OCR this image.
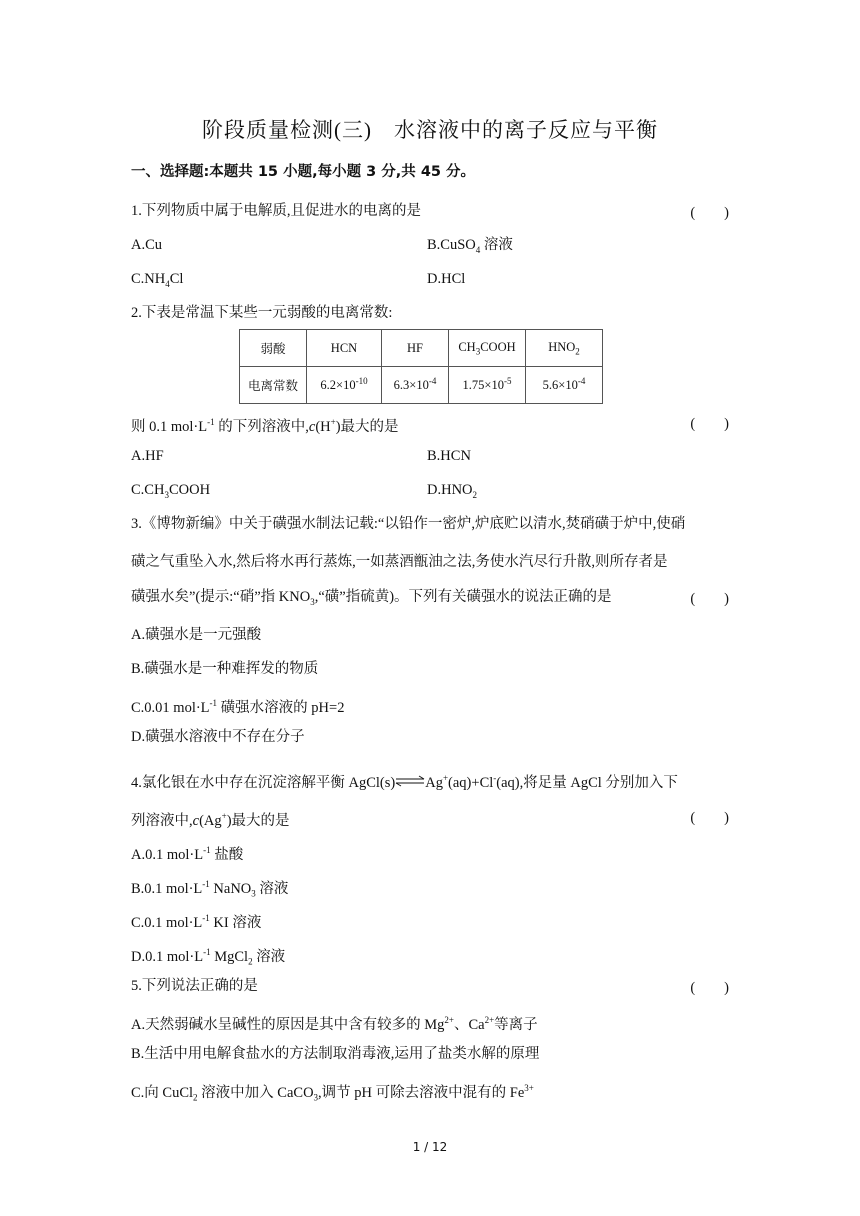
阶段质量检测(三)　水溶液中的离子反应与平衡
一、选择题:本题共 15 小题,每小题 3 分,共 45 分。
1.下列物质中属于电解质,且促进水的电离的是	(　　)
A.Cu	B.CuSO$_4$ 溶液
$C.NH_4Cl$	D.HCl
2.下表是常温下某些一元弱酸的电离常数:
弱酸	HCN	HF	$CH_3COOH$	$HNO_2$
电离常数	$6.2\times 10^{-10}$	$6.3\times 10^{-4}$	$1.75\times 10^{-5}$	$5.6\times 10^{-4}$
则 0.1 $mol\cdot L^{-1}$ 的下列溶液中,c(H+)最大的是	(　　)
A.HF	B.HCN
$C.CH_3COOH$	$D.HNO_2$
3.《博物新编》中关于磺强水制法记载:“以铅作一密炉,炉底贮以清水,焚硝磺于炉中,使硝
磺之气重坠入水,然后将水再行蒸炼,一如蒸酒甑油之法,务使水汽尽行升散,则所存者是
磺强水矣”(提示:“硝”指 $KNO_3,“$磺”指硫黄)。下列有关磺强水的说法正确的是	(　　)
A.磺强水是一元强酸
B.磺强水是一种难挥发的物质
C.0.01 $mol\cdot L^{-1}$ 磺强水溶液的 pH=2
D.磺强水溶液中不存在分子
4.氯化银在水中存在沉淀溶解平衡 AgCl(s)⇌Ag+(aq)+Cl-(aq),将足量 AgCl 分别加入下
列溶液中,c(Ag+)最大的是	(　　)
A.0.1 $mol\cdot L^{-1}$ 盐酸
B.0.1 $mol\cdot L^{-1}$ NaNO$_3$ 溶液
C.0.1 $mol\cdot L^{-1}$ KI 溶液
D.0.1 $mol\cdot L^{-1}$ MgCl$_2$ 溶液
5.下列说法正确的是	(　　)
A.天然弱碱水呈碱性的原因是其中含有较多的 $Mg^{2+}$、$Ca^{2+}$等离子
B.生活中用电解食盐水的方法制取消毒液,运用了盐类水解的原理
C.向 CuCl$_2$ 溶液中加入 CaCO$_3$,调节 pH 可除去溶液中混有的 $Fe^{3+}$
1 / 12
